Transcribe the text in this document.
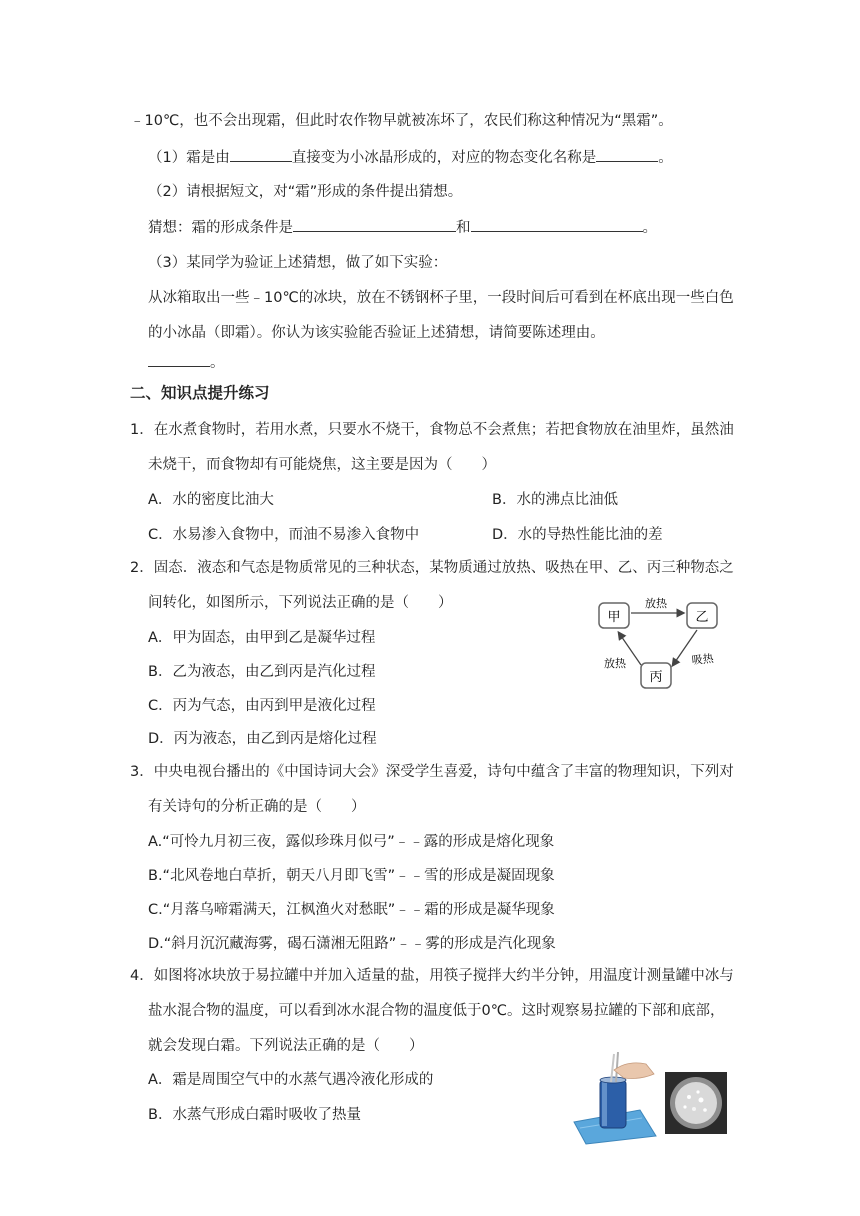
﹣10℃，也不会出现霜，但此时农作物早就被冻坏了，农民们称这种情况为“黑霜”。
（1）霜是由	直接变为小冰晶形成的，对应的物态变化名称是	。
（2）请根据短文，对“霜”形成的条件提出猜想。
猜想：霜的形成条件是	和	。
（3）某同学为验证上述猜想，做了如下实验：
从冰箱取出一些﹣10℃的冰块，放在不锈钢杯子里，一段时间后可看到在杯底出现一些白色
的小冰晶（即霜）。你认为该实验能否验证上述猜想，请简要陈述理由。
。
二、知识点提升练习
1．在水煮食物时，若用水煮，只要水不烧干，食物总不会煮焦；若把食物放在油里炸，虽然油
未烧干，而食物却有可能烧焦，这主要是因为（　　）
A．水的密度比油大	B．水的沸点比油低
C．水易渗入食物中，而油不易渗入食物中	D．水的导热性能比油的差
2．固态．液态和气态是物质常见的三种状态，某物质通过放热、吸热在甲、乙、丙三种物态之
间转化，如图所示，下列说法正确的是（　　）
A．甲为固态，由甲到乙是凝华过程
B．乙为液态，由乙到丙是汽化过程
C．丙为气态，由丙到甲是液化过程
D．丙为液态，由乙到丙是熔化过程
甲	乙
丙
放热
吸热
放热
3．中央电视台播出的《中国诗词大会》深受学生喜爱，诗句中蕴含了丰富的物理知识，下列对
有关诗句的分析正确的是（　　）
A.“可怜九月初三夜，露似珍珠月似弓”﹣﹣露的形成是熔化现象
B.“北风卷地白草折，朝天八月即飞雪”﹣﹣雪的形成是凝固现象
C.“月落乌啼霜满天，江枫渔火对愁眠”﹣﹣霜的形成是凝华现象
D.“斜月沉沉藏海雾，碣石潇湘无阻路”﹣﹣雾的形成是汽化现象
4．如图将冰块放于易拉罐中并加入适量的盐，用筷子搅拌大约半分钟，用温度计测量罐中冰与
盐水混合物的温度，可以看到冰水混合物的温度低于0℃。这时观察易拉罐的下部和底部，
就会发现白霜。下列说法正确的是（　　）
A．霜是周围空气中的水蒸气遇冷液化形成的
B．水蒸气形成白霜时吸收了热量
